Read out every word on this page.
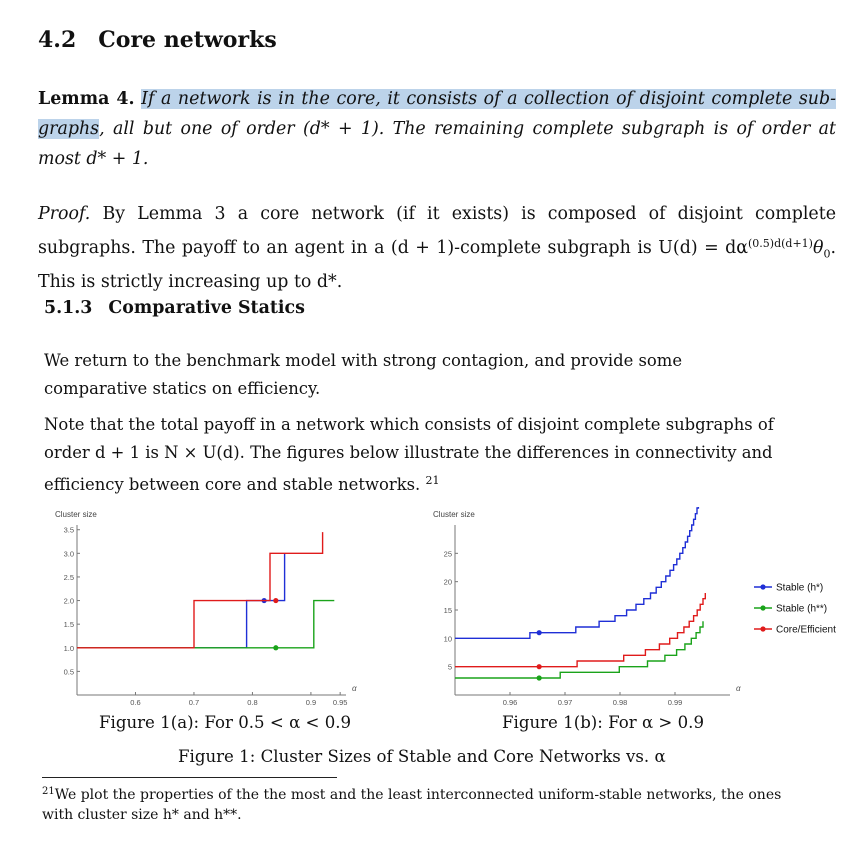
4.2 Core networks
Lemma 4. If a network is in the core, it consists of a collection of disjoint complete sub-graphs, all but one of order (d* + 1). The remaining complete subgraph is of order at most d* + 1.
Proof. By Lemma 3 a core network (if it exists) is composed of disjoint complete subgraphs. The payoff to an agent in a (d + 1)-complete subgraph is $U(d) = d\alpha^{(0.5)d(d+1)}\theta_0$. This is strictly increasing up to d*.
5.1.3 Comparative Statics
We return to the benchmark model with strong contagion, and provide some comparative statics on efficiency.
Note that the total payoff in a network which consists of disjoint complete subgraphs of order d + 1 is N × U(d). The figures below illustrate the differences in connectivity and efficiency between core and stable networks. $^{21}$
0.5
1.0
1.5
2.0
2.5
3.0
3.5
0.6	0.7	0.8	0.9 0.95
Cluster size
α
5
10
15
20
25
0.96	0.97	0.98	0.99
Cluster size
α
Stable (h*)
Stable (h**)
Core/Efficient
Figure 1(a): For 0.5 < α < 0.9	Figure 1(b): For α > 0.9
Figure 1: Cluster Sizes of Stable and Core Networks vs. α
$^{21}$We plot the properties of the the most and the least interconnected uniform-stable networks, the ones with cluster size h* and h**.
